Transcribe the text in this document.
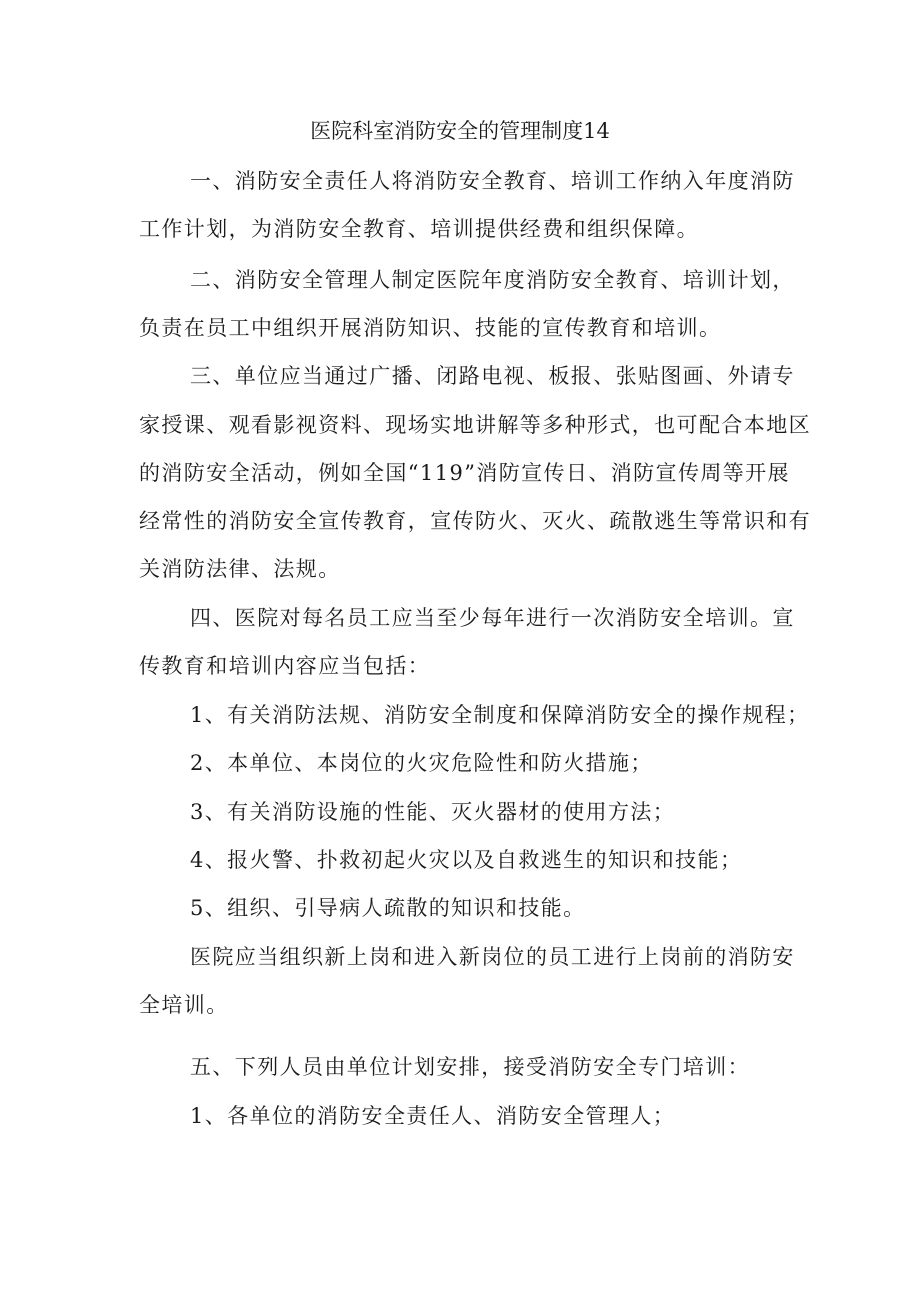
医院科室消防安全的管理制度14
一、消防安全责任人将消防安全教育、培训工作纳入年度消防
工作计划，为消防安全教育、培训提供经费和组织保障。
二、消防安全管理人制定医院年度消防安全教育、培训计划，
负责在员工中组织开展消防知识、技能的宣传教育和培训。
三、单位应当通过广播、闭路电视、板报、张贴图画、外请专
家授课、观看影视资料、现场实地讲解等多种形式，也可配合本地区
的消防安全活动，例如全国“119”消防宣传日、消防宣传周等开展
经常性的消防安全宣传教育，宣传防火、灭火、疏散逃生等常识和有
关消防法律、法规。
四、医院对每名员工应当至少每年进行一次消防安全培训。宣
传教育和培训内容应当包括：
1、有关消防法规、消防安全制度和保障消防安全的操作规程；
2、本单位、本岗位的火灾危险性和防火措施；
3、有关消防设施的性能、灭火器材的使用方法；
4、报火警、扑救初起火灾以及自救逃生的知识和技能；
5、组织、引导病人疏散的知识和技能。
医院应当组织新上岗和进入新岗位的员工进行上岗前的消防安
全培训。
五、下列人员由单位计划安排，接受消防安全专门培训：
1、各单位的消防安全责任人、消防安全管理人；
